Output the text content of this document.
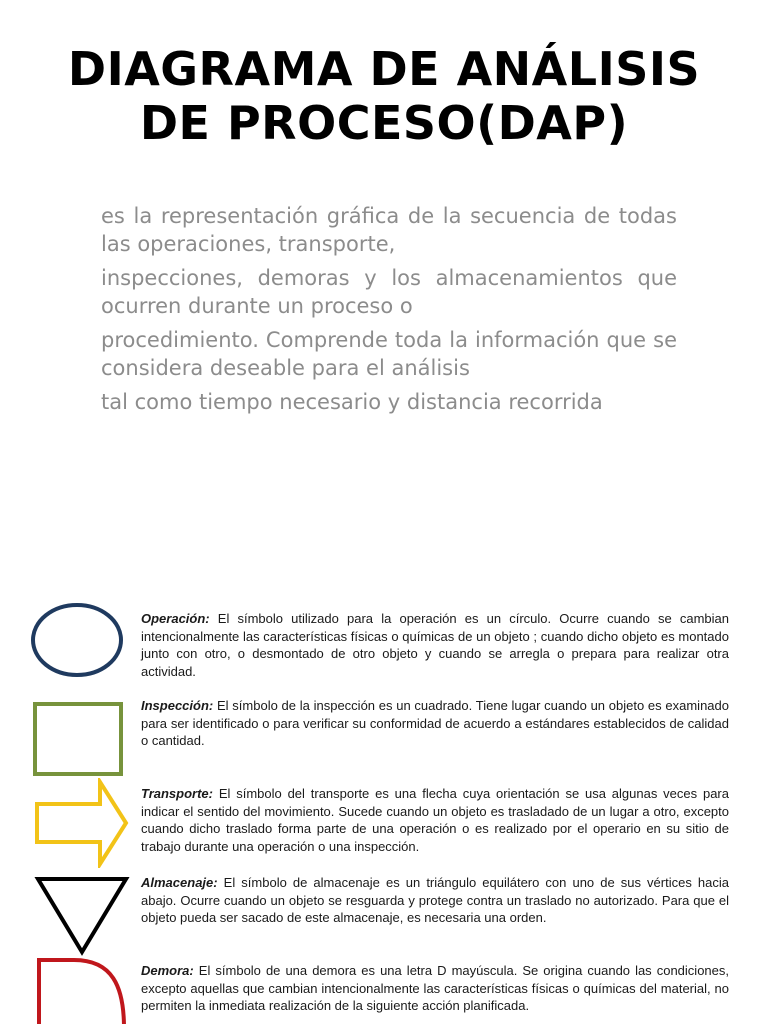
DIAGRAMA DE ANÁLISIS
DE PROCESO(DAP)

es la representación gráfica de la secuencia de todas las operaciones, transporte,

inspecciones, demoras y los almacenamientos que ocurren durante un proceso o

procedimiento. Comprende toda la información que se considera deseable para el análisis

tal como tiempo necesario y distancia recorrida

Operación: El símbolo utilizado para la operación es un círculo. Ocurre cuando se cambian intencionalmente las características físicas o químicas de un objeto ; cuando dicho objeto es montado junto con otro, o desmontado de otro objeto y cuando se arregla o prepara para realizar otra actividad.
Inspección: El símbolo de la inspección es un cuadrado. Tiene lugar cuando un objeto es examinado para ser identificado o para verificar su conformidad de acuerdo a estándares establecidos de calidad o cantidad.
Transporte: El símbolo del transporte es una flecha cuya orientación se usa algunas veces para indicar el sentido del movimiento. Sucede cuando un objeto es trasladado de un lugar a otro, excepto cuando dicho traslado forma parte de una operación o es realizado por el operario en su sitio de trabajo durante una operación o una inspección.
Almacenaje: El símbolo de almacenaje es un triángulo equilátero con uno de sus vértices hacia abajo. Ocurre cuando un objeto se resguarda y protege contra un traslado no autorizado. Para que el objeto pueda ser sacado de este almacenaje, es necesaria una orden.
Demora: El símbolo de una demora es una letra D mayúscula. Se origina cuando las condiciones, excepto aquellas que cambian intencionalmente las características físicas o químicas del material, no permiten la inmediata realización de la siguiente acción planificada.
